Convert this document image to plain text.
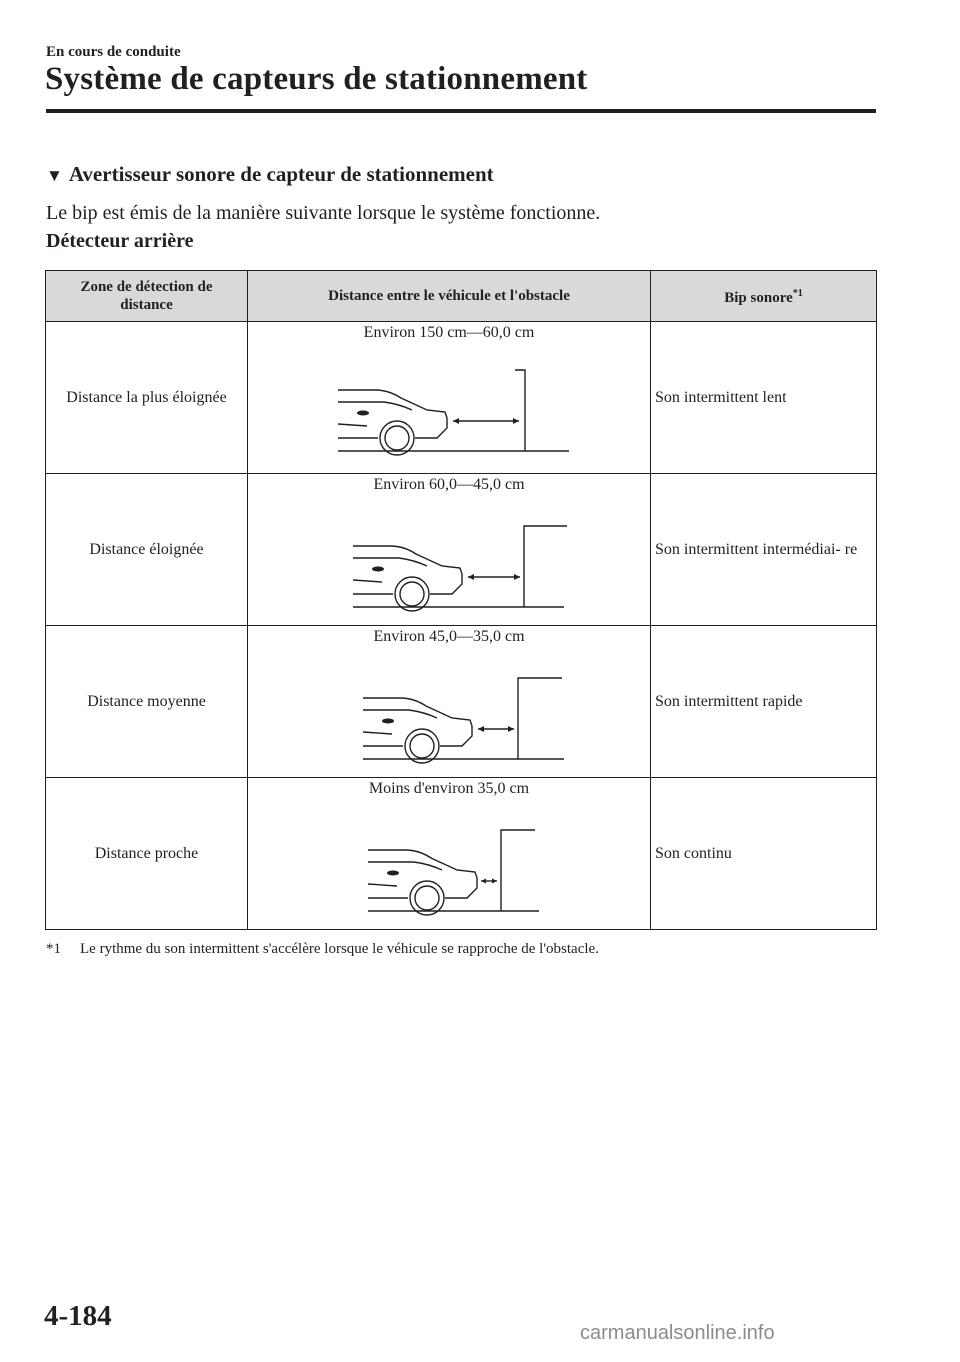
En cours de conduite
Système de capteurs de stationnement
▼ Avertisseur sonore de capteur de stationnement
Le bip est émis de la manière suivante lorsque le système fonctionne.
Détecteur arrière
Zone de détection de distance	Distance entre le véhicule et l'obstacle	Bip sonore$^{*1}$
Distance la plus éloignée	Environ 150 cm―60,0 cm	Son intermittent lent
Distance éloignée	Environ 60,0―45,0 cm	Son intermittent intermédiai- re
Distance moyenne	Environ 45,0―35,0 cm	Son intermittent rapide
Distance proche	Moins d'environ 35,0 cm	Son continu
*1 Le rythme du son intermittent s'accélère lorsque le véhicule se rapproche de l'obstacle.
4-184
carmanualsonline.info
